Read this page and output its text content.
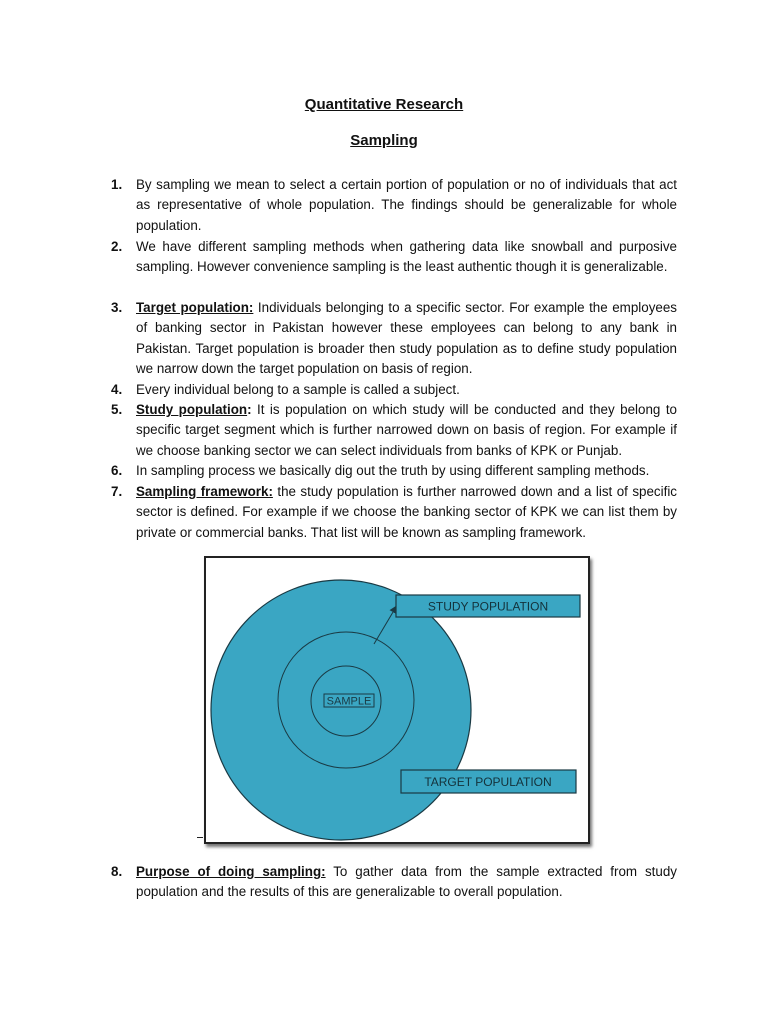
Quantitative Research
Sampling
1. By sampling we mean to select a certain portion of population or no of individuals that act as representative of whole population. The findings should be generalizable for whole population.
2. We have different sampling methods when gathering data like snowball and purposive sampling. However convenience sampling is the least authentic though it is generalizable.
3. Target population: Individuals belonging to a specific sector. For example the employees of banking sector in Pakistan however these employees can belong to any bank in Pakistan. Target population is broader then study population as to define study population we narrow down the target population on basis of region.
4. Every individual belong to a sample is called a subject.
5. Study population: It is population on which study will be conducted and they belong to specific target segment which is further narrowed down on basis of region. For example if we choose banking sector we can select individuals from banks of KPK or Punjab.
6. In sampling process we basically dig out the truth by using different sampling methods.
7. Sampling framework: the study population is further narrowed down and a list of specific sector is defined. For example if we choose the banking sector of KPK we can list them by private or commercial banks. That list will be known as sampling framework.
8. Purpose of doing sampling: To gather data from the sample extracted from study population and the results of this are generalizable to overall population.
SAMPLE
STUDY POPULATION
TARGET POPULATION
